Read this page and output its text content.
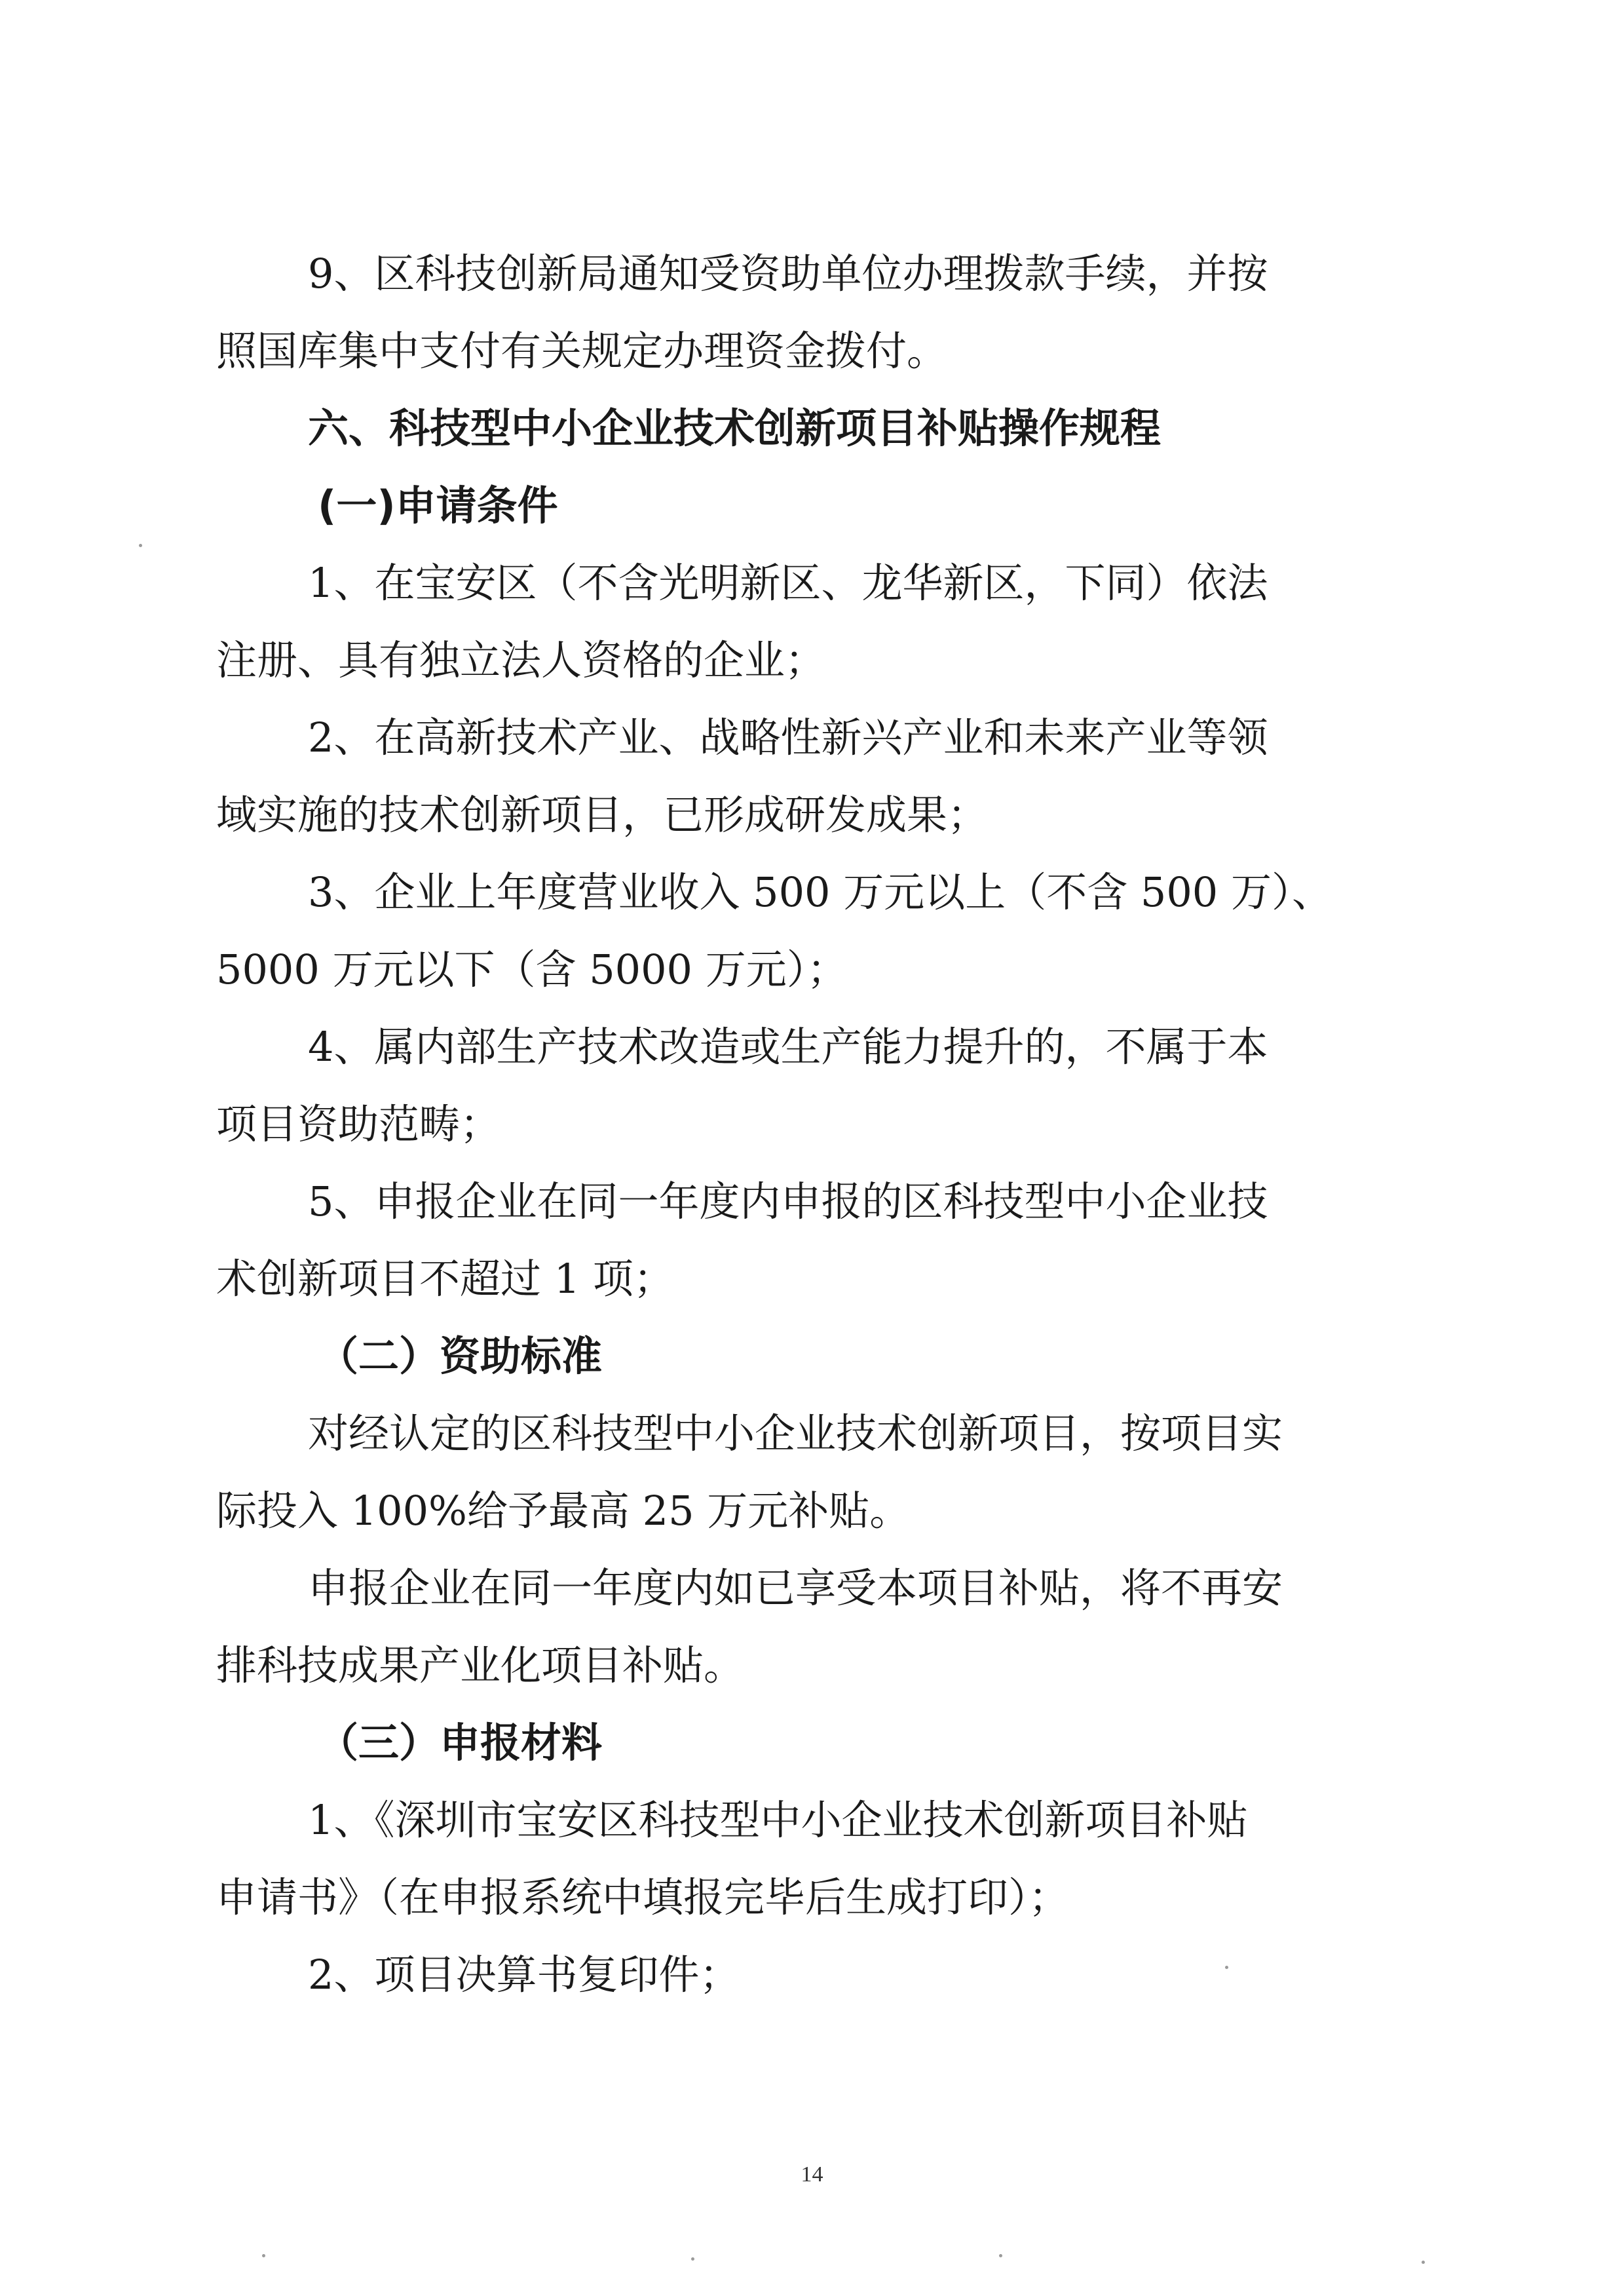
9、区科技创新局通知受资助单位办理拨款手续，并按
照国库集中支付有关规定办理资金拨付。
六、科技型中小企业技术创新项目补贴操作规程
(一)申请条件
1、在宝安区（不含光明新区、龙华新区，下同）依法
注册、具有独立法人资格的企业；
2、在高新技术产业、战略性新兴产业和未来产业等领
域实施的技术创新项目，已形成研发成果；
3、企业上年度营业收入 500 万元以上（不含 500 万）、
5000 万元以下（含 5000 万元）；
4、属内部生产技术改造或生产能力提升的，不属于本
项目资助范畴；
5、申报企业在同一年度内申报的区科技型中小企业技
术创新项目不超过 1 项；
（二）资助标准
对经认定的区科技型中小企业技术创新项目，按项目实
际投入 100%给予最高 25 万元补贴。
申报企业在同一年度内如已享受本项目补贴，将不再安
排科技成果产业化项目补贴。
（三）申报材料
1、《深圳市宝安区科技型中小企业技术创新项目补贴
申请书》（在申报系统中填报完毕后生成打印）；
2、项目决算书复印件；
14
